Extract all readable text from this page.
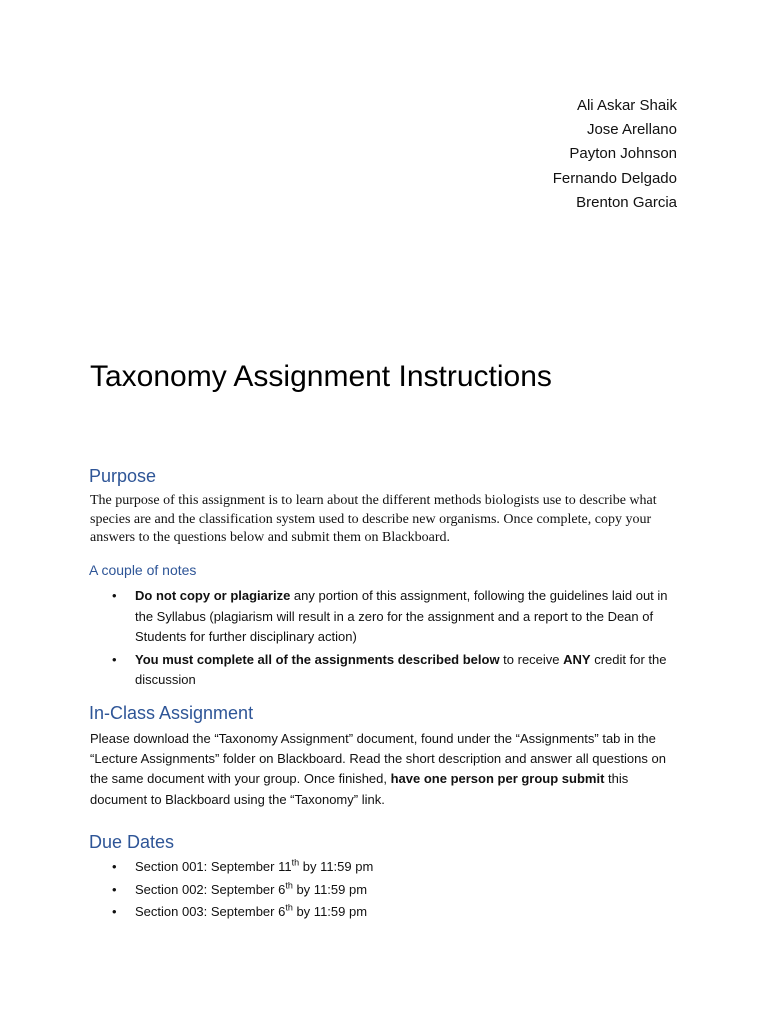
Ali Askar Shaik
Jose Arellano
Payton Johnson
Fernando Delgado
Brenton Garcia
Taxonomy Assignment Instructions
Purpose

The purpose of this assignment is to learn about the different methods biologists use to describe what species are and the classification system used to describe new organisms. Once complete, copy your answers to the questions below and submit them on Blackboard.

A couple of notes
• Do not copy or plagiarize any portion of this assignment, following the guidelines laid out in the Syllabus (plagiarism will result in a zero for the assignment and a report to the Dean of Students for further disciplinary action)
• You must complete all of the assignments described below to receive ANY credit for the discussion
In-Class Assignment

Please download the “Taxonomy Assignment” document, found under the “Assignments” tab in the “Lecture Assignments” folder on Blackboard. Read the short description and answer all questions on the same document with your group. Once finished, have one person per group submit this document to Blackboard using the “Taxonomy” link.

Due Dates
• Section 001: September 11th by 11:59 pm
• Section 002: September 6th by 11:59 pm
• Section 003: September 6th by 11:59 pm
